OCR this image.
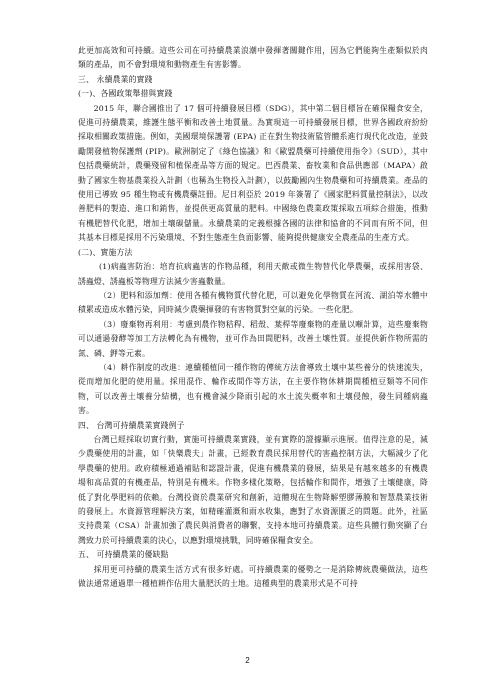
此更加高效和可持續。這些公司在可持續農業浪潮中發揮著關鍵作用，因為它們能夠生產類似於肉類的產品，而不會對環境和動物產生有害影響。

三、 永續農業的實踐

(一)、各國政策舉措與實踐

2015 年，聯合國推出了 17 個可持續發展目標（SDG），其中第二個目標旨在確保糧食安全，促進可持續農業，維護生態平衡和改善土地質量。為實現這一可持續發展目標，世界各國政府紛紛採取相關政策措施。例如，美國環境保護署 (EPA) 正在對生物技術監管體系進行現代化改造，並鼓勵開發植物保護劑 (PIP)。歐洲制定了《綠色協議》和《歐盟農藥可持續使用指令》（SUD），其中包括農藥統計，農藥殘留和植保產品等方面的規定。巴西農業、畜牧業和食品供應部（MAPA）啟動了國家生物基農業投入計劃（也稱為生物投入計劃），以鼓勵國內生物農藥和可持續農業。產品的使用已導致 95 種生物或有機農藥註冊。尼日利亞於 2019 年簽署了《國家肥料質量控制法》，以改善肥料的製造、進口和銷售，並提供更高質量的肥料。中國綠色農業政策採取五項綜合措施，推動有機肥替代化肥，增加土壤碳儲量。永續農業的定義根據各國的法律和協會的不同而有所不同，但其基本目標是採用不污染環境、不對生態產生負面影響、能夠提供健康安全農產品的生產方式。

(二)、實施方法

(1)病蟲害防治：培育抗病蟲害的作物品種，利用天敵或微生物替代化學農藥，或採用害袋、誘蟲燈、誘蟲板等物理方法減少害蟲數量。

（2）肥料和添加劑：使用各種有機物質代替化肥，可以避免化學物質在河流、湖泊等水體中積累或造成水體污染，同時減少農藥揮發的有害物質對空氣的污染。一些化肥。

（3）廢棄物再利用：考慮到農作物秸稈、稻殼、葉桿等廢棄物的產量以噸計算，這些廢棄物可以通過發酵等加工方法轉化為有機物，並可作為田間肥料，改善土壤性質。並提供新作物所需的氮、磷、鉀等元素。

（4）耕作制度的改進：連續種植同一種作物的傳統方法會導致土壤中某些養分的快速流失，從而增加化肥的使用量。採用混作、輪作或間作等方法，在主要作物休耕期間種植豆類等不同作物，可以改善土壤養分結構，也有機會減少降雨引起的水土流失概率和土壤侵蝕，發生同種病蟲害。

四、 台灣可持續農業實踐例子

台灣已經採取切實行動，實施可持續農業實踐，並有實際的證據顯示進展。值得注意的是，減少農藥使用的計畫，如「快樂農夫」計畫，已經教育農民採用替代的害蟲控制方法，大幅減少了化學農藥的使用。政府積極通過補貼和認證計畫，促進有機農業的發展，結果是有越來越多的有機農場和高品質的有機產品，特別是有機米。作物多樣化策略，包括輪作和間作，增強了土壤健康，降低了對化學肥料的依賴。台灣投資於農業研究和創新，這體現在生物降解塑膠薄膜和智慧農業技術的發展上。水資源管理解決方案，如精確灌溉和雨水收集，應對了水資源匱乏的問題。此外，社區支持農業（CSA）計畫加強了農民與消費者的聯繫，支持本地可持續農業。這些具體行動突顯了台灣致力於可持續農業的決心，以應對環境挑戰，同時確保糧食安全。

五、 可持續農業的優缺點

採用更可持續的農業生活方式有很多好處。可持續農業的優勢之一是消除傳統農藥做法，這些做法通常通過單一種植耕作佔用大量肥沃的土地。這種典型的農業形式是不可持

2
